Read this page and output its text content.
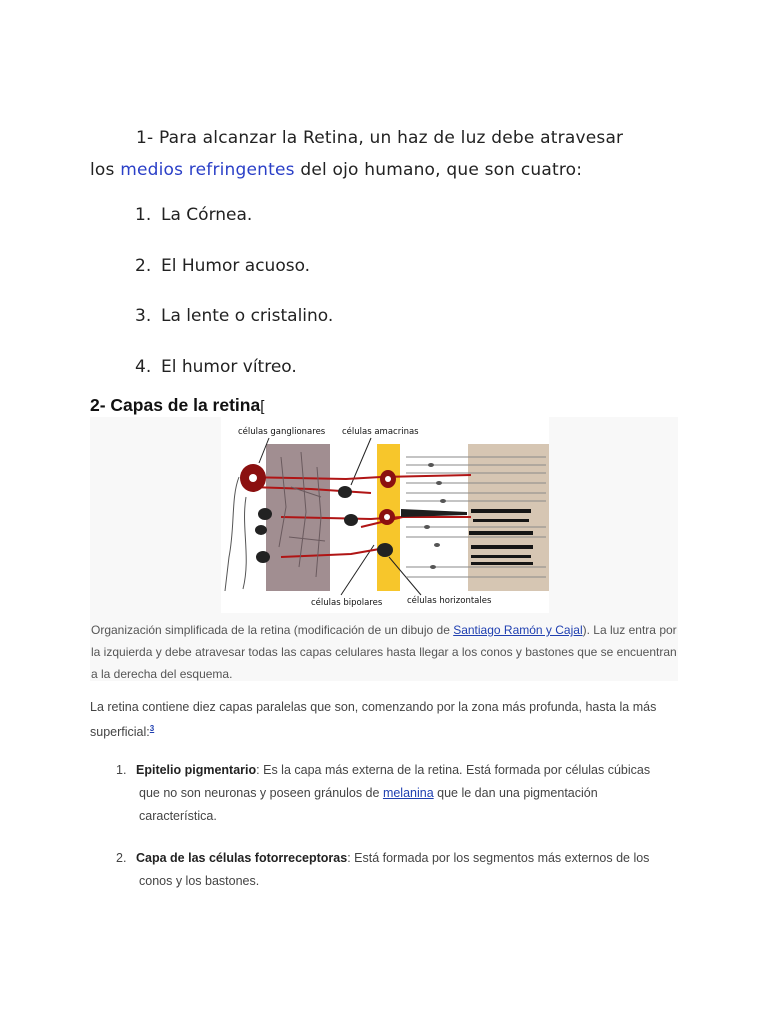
1- Para alcanzar la Retina, un haz de luz debe atravesar
los medios refringentes del ojo humano, que son cuatro:
1. La Córnea.
2. El Humor acuoso.
3. La lente o cristalino.
4. El humor vítreo.
2- Capas de la retina[
células ganglionares células amacrinas
células bipolares	células horizontales
Organización simplificada de la retina (modificación de un dibujo de Santiago Ramón y Cajal). La luz entra por la izquierda y debe atravesar todas las capas celulares hasta llegar a los conos y bastones que se encuentran a la derecha del esquema.
La retina contiene diez capas paralelas que son, comenzando por la zona más profunda, hasta la más superficial:$^3$
1. Epitelio pigmentario: Es la capa más externa de la retina. Está formada por células cúbicas
que no son neuronas y poseen gránulos de melanina que le dan una pigmentación
característica.
2. Capa de las células fotorreceptoras: Está formada por los segmentos más externos de los
conos y los bastones.
